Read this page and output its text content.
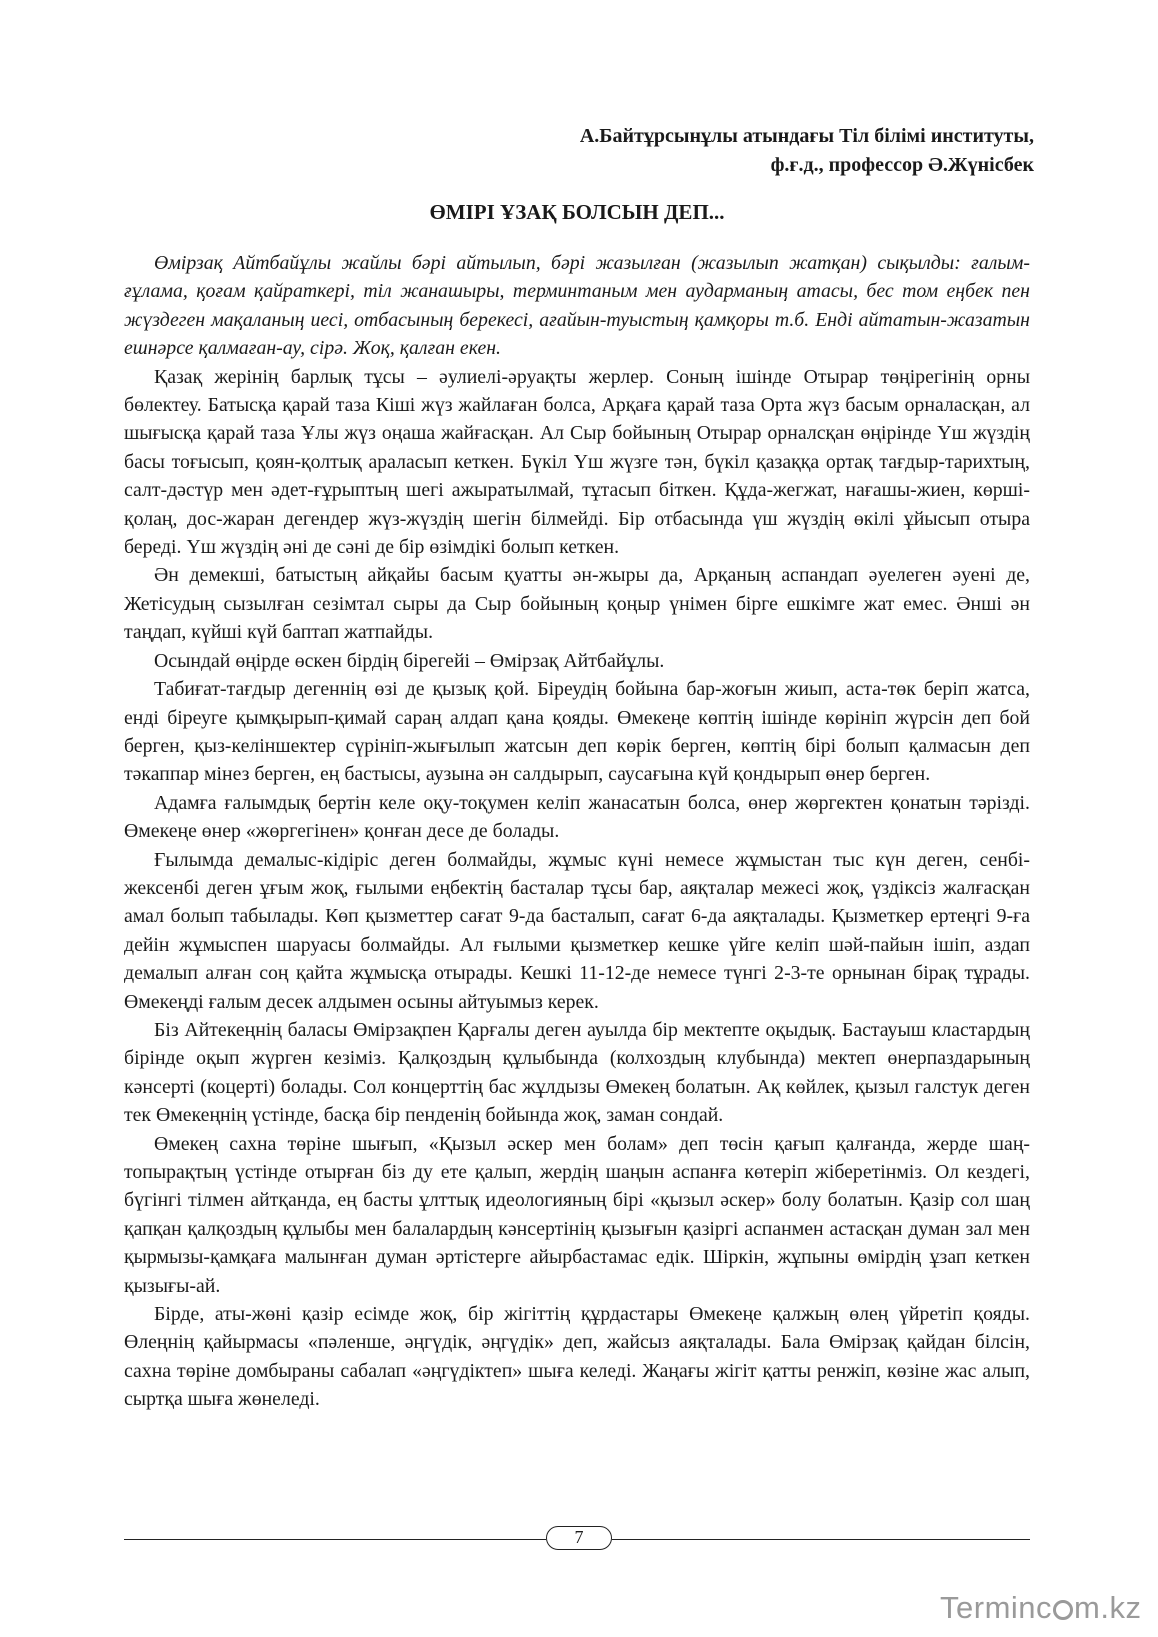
А.Байтұрсынұлы атындағы Тіл білімі институты,
ф.ғ.д., профессор Ә.Жүнісбек
ӨМІРІ ҰЗАҚ БОЛСЫН ДЕП...

Өмірзақ Айтбайұлы жайлы бәрі айтылып, бәрі жазылған (жазылып жатқан) сықылды: ғалым-ғұлама, қоғам қайраткері, тіл жанашыры, терминтаным мен аударманың атасы, бес том еңбек пен жүздеген мақаланың иесі, отбасының берекесі, ағайын-туыстың қамқоры т.б. Енді айтатын-жазатын ешнәрсе қалмаған-ау, сірә. Жоқ, қалған екен.

Қазақ жерінің барлық тұсы – әулиелі-әруақты жерлер. Соның ішінде Отырар төңірегінің орны бөлектеу. Батысқа қарай таза Кіші жүз жайлаған болса, Арқаға қарай таза Орта жүз басым орналасқан, ал шығысқа қарай таза Ұлы жүз оңаша жайғасқан. Ал Сыр бойының Отырар орналсқан өңірінде Үш жүздің басы тоғысып, қоян-қолтық араласып кеткен. Бүкіл Үш жүзге тән, бүкіл қазаққа ортақ тағдыр-тарихтың, салт-дәстүр мен әдет-ғұрыптың шегі ажыратылмай, тұтасып біткен. Құда-жегжат, нағашы-жиен, көрші-қолаң, дос-жаран дегендер жүз-жүздің шегін білмейді. Бір отбасында үш жүздің өкілі ұйысып отыра береді. Үш жүздің әні де сәні де бір өзімдікі болып кеткен.

Ән демекші, батыстың айқайы басым қуатты ән-жыры да, Арқаның аспандап әуелеген әуені де, Жетісудың сызылған сезімтал сыры да Сыр бойының қоңыр үнімен бірге ешкімге жат емес. Әнші ән таңдап, күйші күй баптап жатпайды.

Осындай өңірде өскен бірдің бірегейі – Өмірзақ Айтбайұлы.

Табиғат-тағдыр дегеннің өзі де қызық қой. Біреудің бойына бар-жоғын жиып, аста-төк беріп жатса, енді біреуге қымқырып-қимай сараң алдап қана қояды. Өмекеңе көптің ішінде көрініп жүрсін деп бой берген, қыз-келіншектер сүрініп-жығылып жатсын деп көрік берген, көптің бірі болып қалмасын деп тәкаппар мінез берген, ең бастысы, аузына ән салдырып, саусағына күй қондырып өнер берген.

Адамға ғалымдық бертін келе оқу-тоқумен келіп жанасатын болса, өнер жөргектен қонатын тәрізді. Өмекеңе өнер «жөргегінен» қонған десе де болады.

Ғылымда демалыс-кідіріс деген болмайды, жұмыс күні немесе жұмыстан тыс күн деген, сенбі-жексенбі деген ұғым жоқ, ғылыми еңбектің басталар тұсы бар, аяқталар межесі жоқ, үздіксіз жалғасқан амал болып табылады. Көп қызметтер сағат 9-да басталып, сағат 6-да аяқталады. Қызметкер ертеңгі 9-ға дейін жұмыспен шаруасы болмайды. Ал ғылыми қызметкер кешке үйге келіп шәй-пайын ішіп, аздап демалып алған соң қайта жұмысқа отырады. Кешкі 11-12-де немесе түнгі 2-3-те орнынан бірақ тұрады. Өмекеңді ғалым десек алдымен осыны айтуымыз керек.

Біз Айтекеңнің баласы Өмірзақпен Қарғалы деген ауылда бір мектепте оқыдық. Бастауыш кластардың бірінде оқып жүрген кезіміз. Қалқоздың құлыбында (колхоздың клубында) мектеп өнерпаздарының кәнсерті (коцерті) болады. Сол концерттің бас жұлдызы Өмекең болатын. Ақ көйлек, қызыл галстук деген тек Өмекеңнің үстінде, басқа бір пенденің бойында жоқ, заман сондай.

Өмекең сахна төріне шығып, «Қызыл әскер мен болам» деп төсін қағып қалғанда, жерде шаң-топырақтың үстінде отырған біз ду ете қалып, жердің шаңын аспанға көтеріп жіберетінміз. Ол кездегі, бүгінгі тілмен айтқанда, ең басты ұлттық идеологияның бірі «қызыл әскер» болу болатын. Қазір сол шаң қапқан қалқоздың құлыбы мен балалардың кәнсертінің қызығын қазіргі аспанмен астасқан думан зал мен қырмызы-қамқаға малынған думан әртістерге айырбастамас едік. Шіркін, жұпыны өмірдің ұзап кеткен қызығы-ай.

Бірде, аты-жөні қазір есімде жоқ, бір жігіттің құрдастары Өмекеңе қалжың өлең үйретіп қояды. Өлеңнің қайырмасы «пәленше, әңгүдік, әңгүдік» деп, жайсыз аяқталады. Бала Өмірзақ қайдан білсін, сахна төріне домбыраны сабалап «әңгүдіктеп» шыға келеді. Жаңағы жігіт қатты ренжіп, көзіне жас алып, сыртқа шыға жөнеледі.

7
Terminc m.kz
